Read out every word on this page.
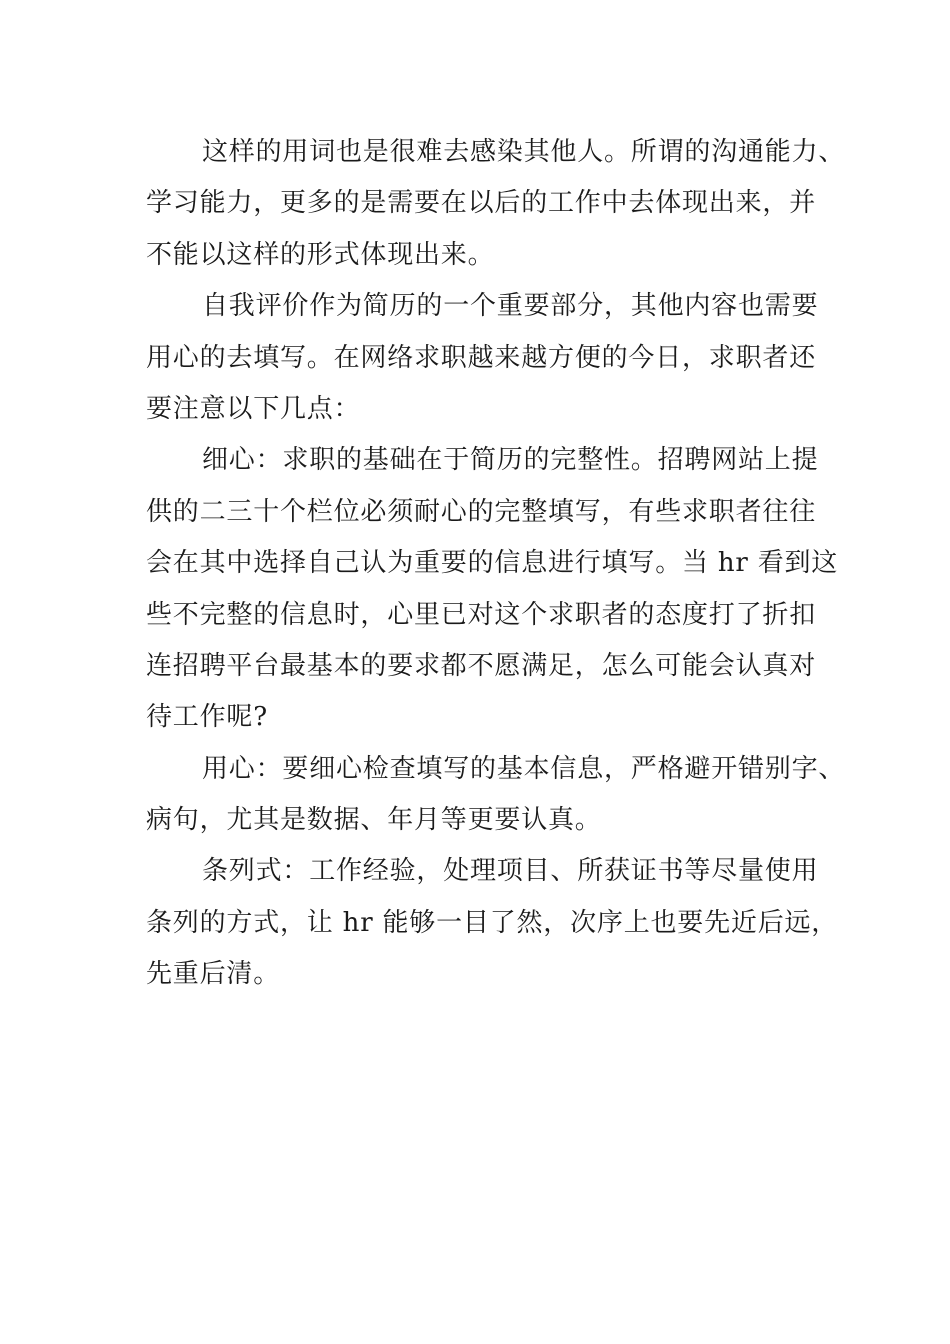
这样的用词也是很难去感染其他人。所谓的沟通能力、
学习能力，更多的是需要在以后的工作中去体现出来，并
不能以这样的形式体现出来。
自我评价作为简历的一个重要部分，其他内容也需要
用心的去填写。在网络求职越来越方便的今日，求职者还
要注意以下几点：
细心：求职的基础在于简历的完整性。招聘网站上提
供的二三十个栏位必须耐心的完整填写，有些求职者往往
会在其中选择自己认为重要的信息进行填写。当 hr 看到这
些不完整的信息时，心里已对这个求职者的态度打了折扣
连招聘平台最基本的要求都不愿满足，怎么可能会认真对
待工作呢?
用心：要细心检查填写的基本信息，严格避开错别字、
病句，尤其是数据、年月等更要认真。
条列式：工作经验，处理项目、所获证书等尽量使用
条列的方式，让 hr 能够一目了然，次序上也要先近后远，
先重后清。
